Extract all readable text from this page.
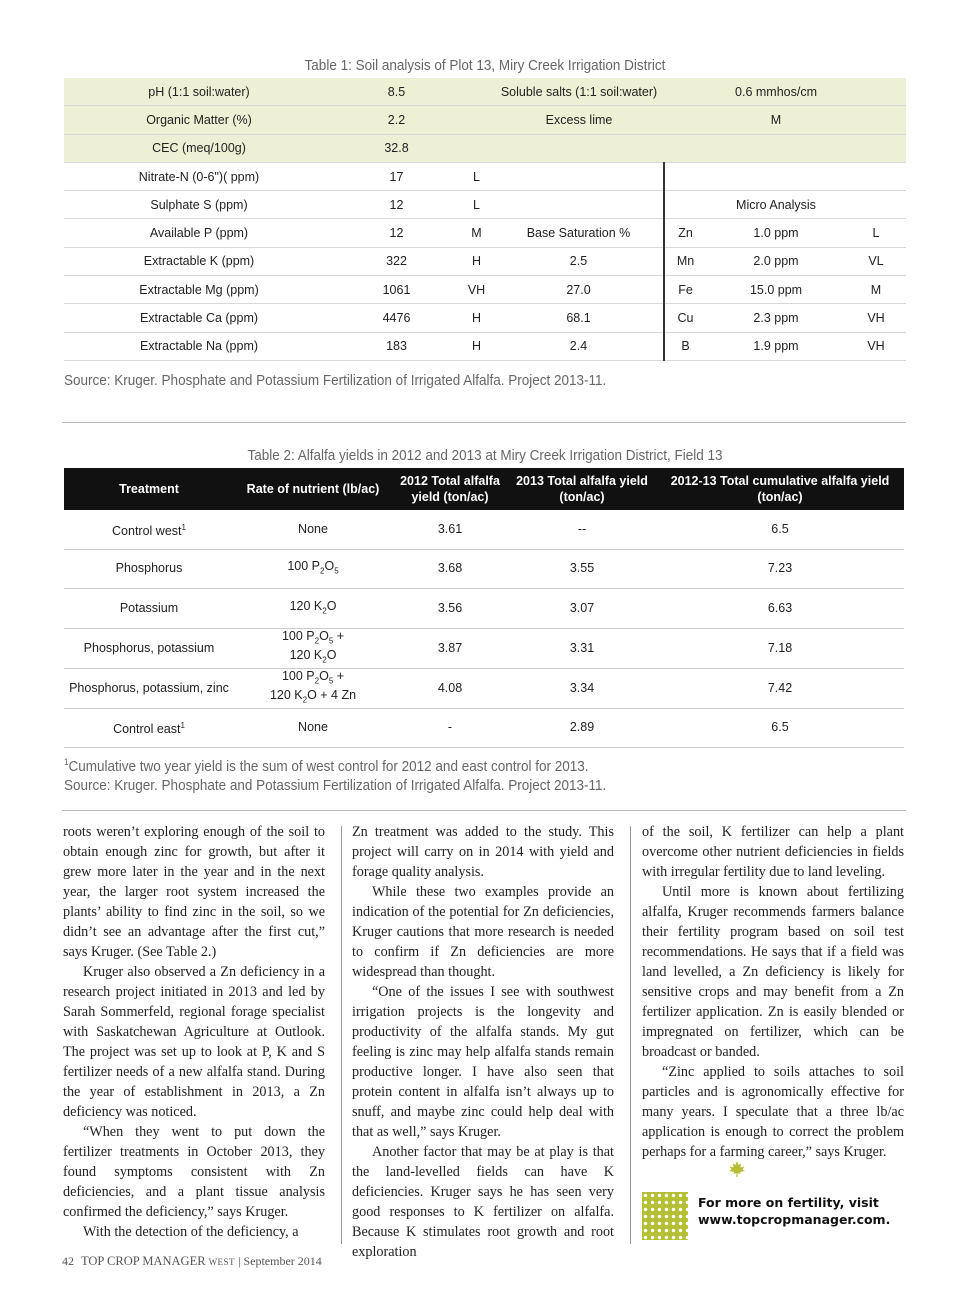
Table 1: Soil analysis of Plot 13, Miry Creek Irrigation District
pH (1:1 soil:water)	8.5		Soluble salts (1:1 soil:water)		0.6 mmhos/cm	
Organic Matter (%)	2.2		Excess lime		M	
CEC (meq/100g)	32.8					
Nitrate-N (0-6")( ppm)	17	L				
Sulphate S (ppm)	12	L			Micro Analysis	
Available P (ppm)	12	M	Base Saturation %	Zn	1.0 ppm	L
Extractable K (ppm)	322	H	2.5	Mn	2.0 ppm	VL
Extractable Mg (ppm)	1061	VH	27.0	Fe	15.0 ppm	M
Extractable Ca (ppm)	4476	H	68.1	Cu	2.3 ppm	VH
Extractable Na (ppm)	183	H	2.4	B	1.9 ppm	VH
Source: Kruger. Phosphate and Potassium Fertilization of Irrigated Alfalfa. Project 2013-11.
Table 2: Alfalfa yields in 2012 and 2013 at Miry Creek Irrigation District, Field 13
Treatment	Rate of nutrient (lb/ac)	2012 Total alfalfa yield (ton/ac)	2013 Total alfalfa yield (ton/ac)	2012-13 Total cumulative alfalfa yield (ton/ac)
Control west$^1$	None	3.61	--	6.5
Phosphorus	100 $P_2O_5$	3.68	3.55	7.23
Potassium	120 $K_2O$	3.56	3.07	6.63
Phosphorus, potassium	100 $P_2O_5$ +
120 $K_2O$	3.87	3.31	7.18
Phosphorus, potassium, zinc	100 $P_2O_5$ +
120 $K_2O + 4$ Zn	4.08	3.34	7.42
Control east$^1$	None	-	2.89	6.5
$^1$Cumulative two year yield is the sum of west control for 2012 and east control for 2013.
Source: Kruger. Phosphate and Potassium Fertilization of Irrigated Alfalfa. Project 2013-11.

roots weren’t exploring enough of the soil to obtain enough zinc for growth, but after it grew more later in the year and in the next year, the larger root system increased the plants’ ability to find zinc in the soil, so we didn’t see an advantage after the first cut,” says Kruger. (See Table 2.)

Kruger also observed a Zn deficiency in a research project initiated in 2013 and led by Sarah Sommerfeld, regional forage specialist with Saskatchewan Agriculture at Outlook. The project was set up to look at P, K and S fertilizer needs of a new alfalfa stand. During the year of establishment in 2013, a Zn deficiency was noticed.

“When they went to put down the fertilizer treatments in October 2013, they found symptoms consistent with Zn deficiencies, and a plant tissue analysis confirmed the deficiency,” says Kruger.

With the detection of the deficiency, a

Zn treatment was added to the study. This project will carry on in 2014 with yield and forage quality analysis.

While these two examples provide an indication of the potential for Zn deficiencies, Kruger cautions that more research is needed to confirm if Zn deficiencies are more widespread than thought.

“One of the issues I see with southwest irrigation projects is the longevity and productivity of the alfalfa stands. My gut feeling is zinc may help alfalfa stands remain productive longer. I have also seen that protein content in alfalfa isn’t always up to snuff, and maybe zinc could help deal with that as well,” says Kruger.

Another factor that may be at play is that the land-levelled fields can have K deficiencies. Kruger says he has seen very good responses to K fertilizer on alfalfa. Because K stimulates root growth and root exploration

of the soil, K fertilizer can help a plant overcome other nutrient deficiencies in fields with irregular fertility due to land leveling.

Until more is known about fertilizing alfalfa, Kruger recommends farmers balance their fertility program based on soil test recommendations. He says that if a field was land levelled, a Zn deficiency is likely for sensitive crops and may benefit from a Zn fertilizer application. Zn is easily blended or impregnated on fertilizer, which can be broadcast or banded.

“Zinc applied to soils attaches to soil particles and is agronomically effective for many years. I speculate that a three lb/ac application is enough to correct the problem perhaps for a farming career,” says Kruger.

For more on fertility, visit
www.topcropmanager.com.
42 TOP CROP MANAGER WEST | September 2014
